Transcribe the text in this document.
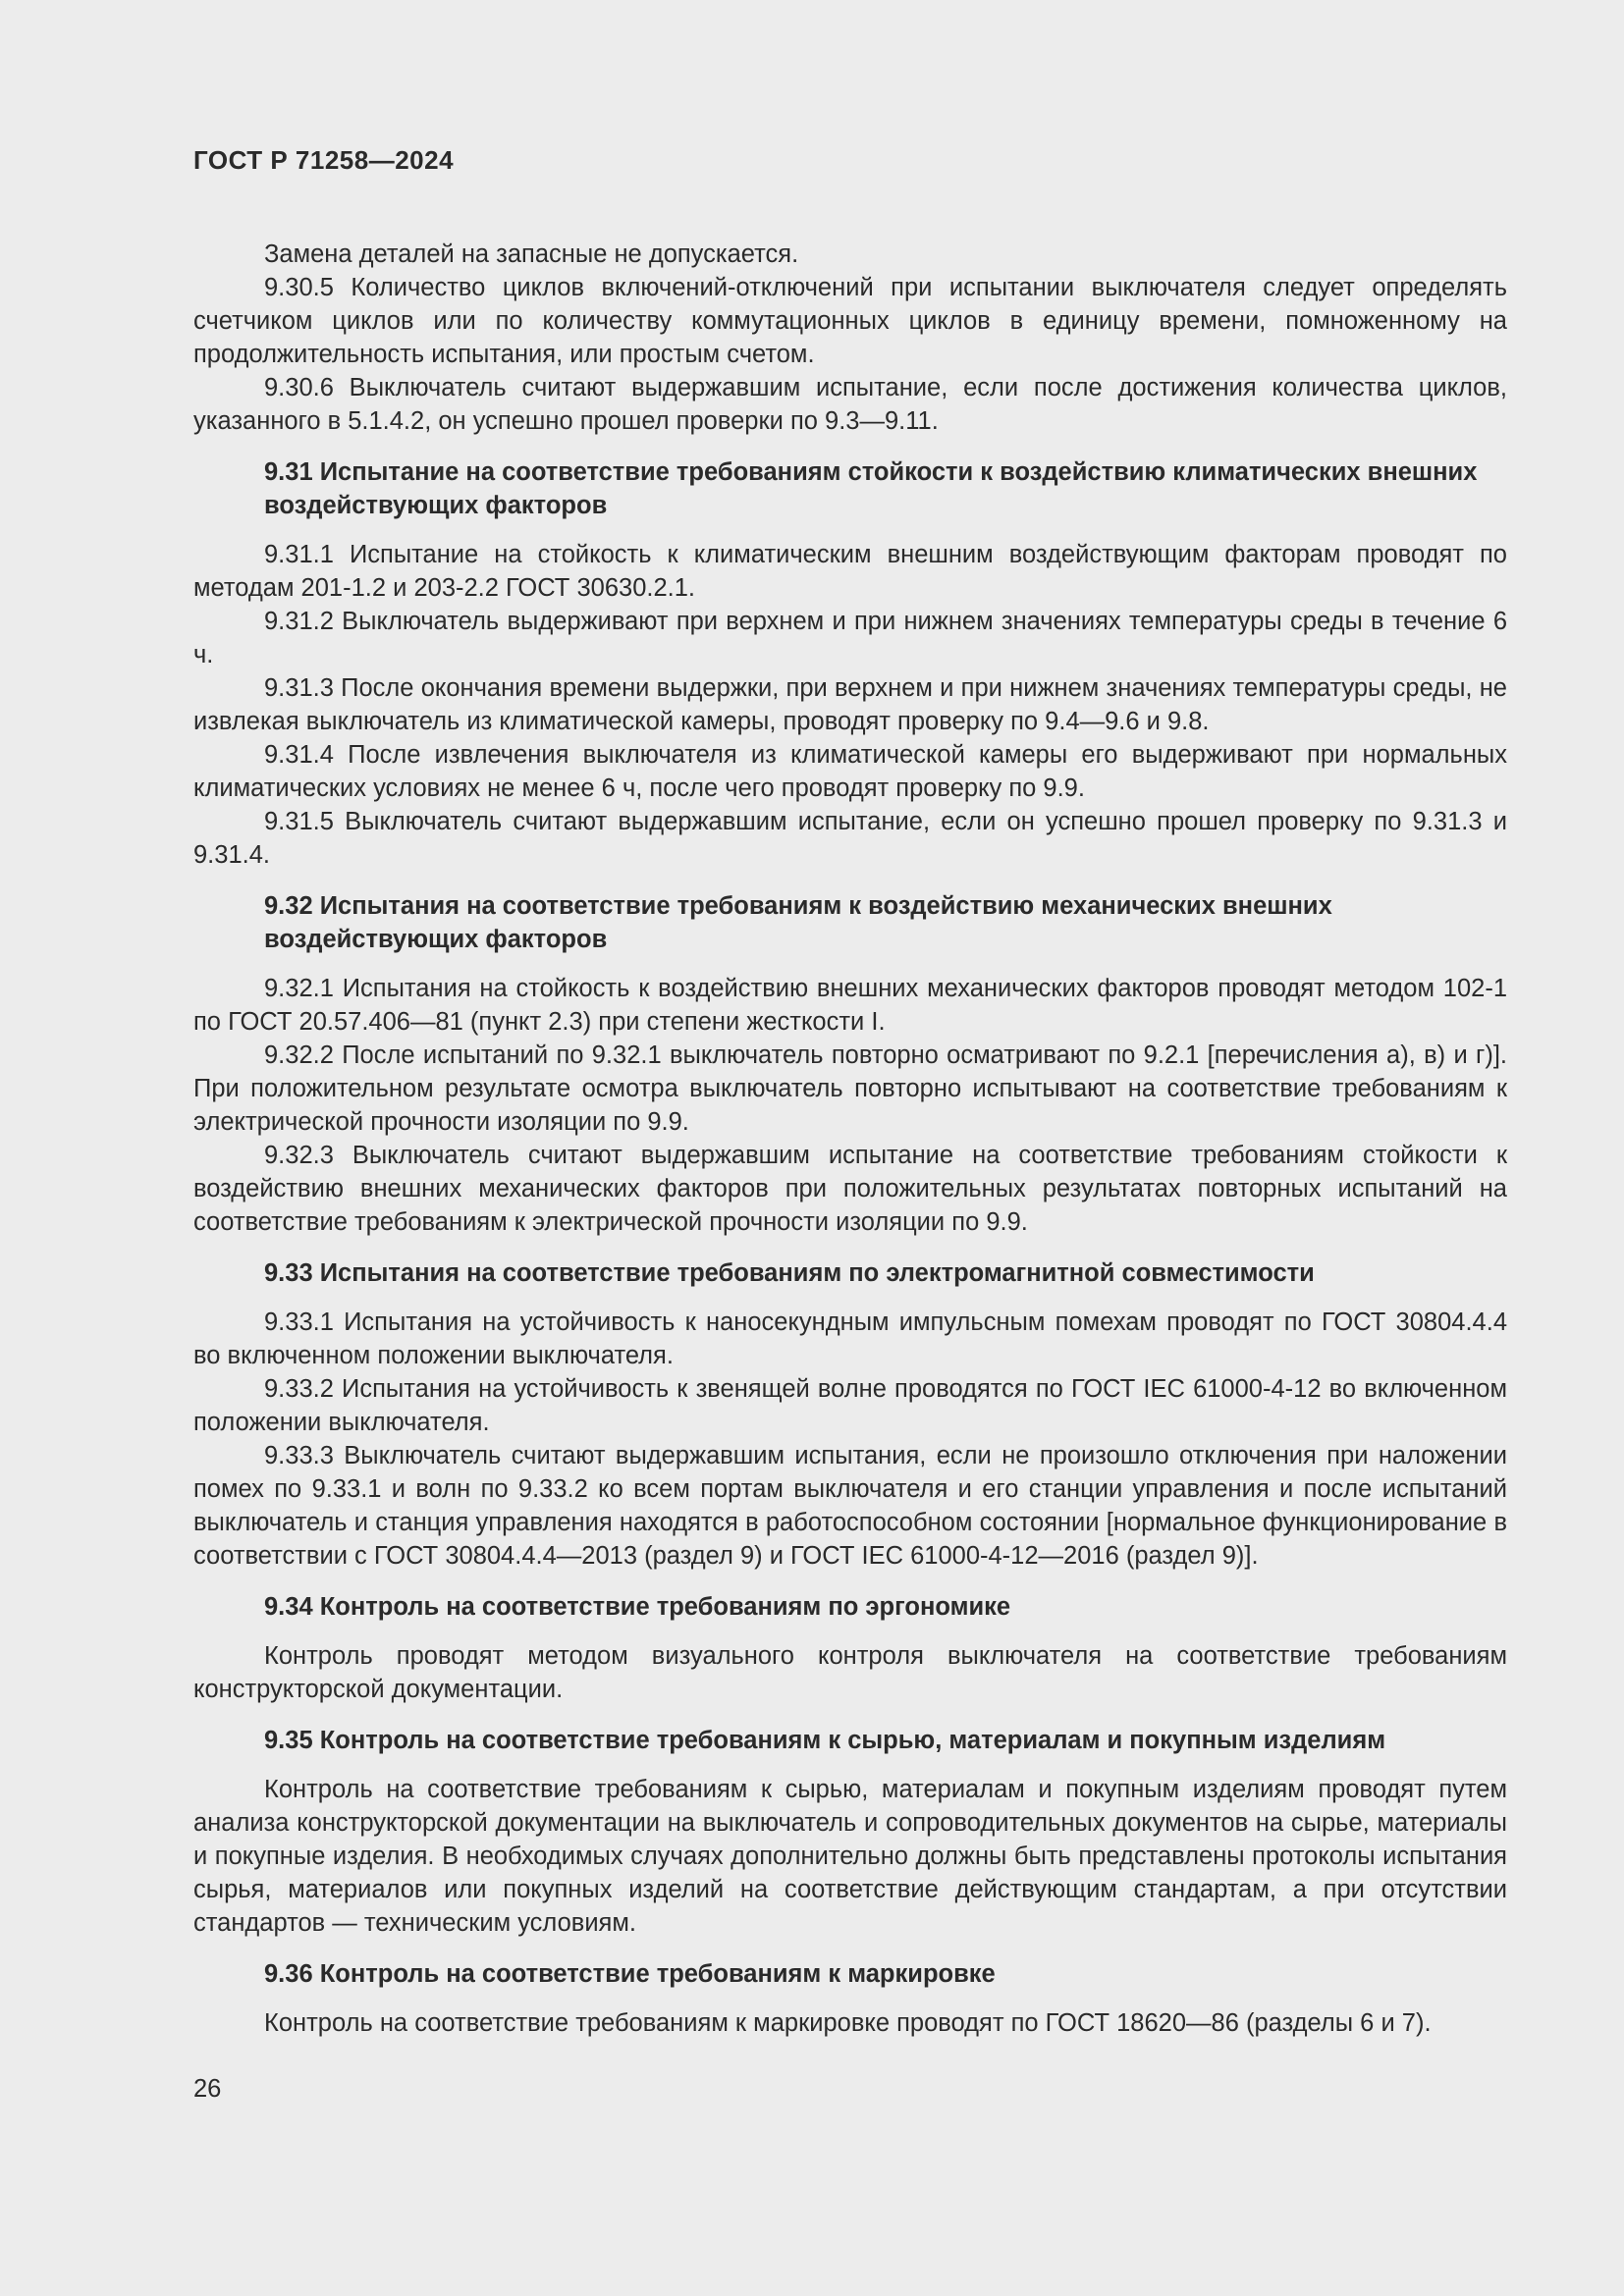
ГОСТ Р 71258—2024
Замена деталей на запасные не допускается.
9.30.5 Количество циклов включений-отключений при испытании выключателя следует определять счетчиком циклов или по количеству коммутационных циклов в единицу времени, помноженному на продолжительность испытания, или простым счетом.
9.30.6 Выключатель считают выдержавшим испытание, если после достижения количества циклов, указанного в 5.1.4.2, он успешно прошел проверки по 9.3—9.11.
9.31 Испытание на соответствие требованиям стойкости к воздействию климатических внешних воздействующих факторов
9.31.1 Испытание на стойкость к климатическим внешним воздействующим факторам проводят по методам 201-1.2 и 203-2.2 ГОСТ 30630.2.1.
9.31.2 Выключатель выдерживают при верхнем и при нижнем значениях температуры среды в течение 6 ч.
9.31.3 После окончания времени выдержки, при верхнем и при нижнем значениях температуры среды, не извлекая выключатель из климатической камеры, проводят проверку по 9.4—9.6 и 9.8.
9.31.4 После извлечения выключателя из климатической камеры его выдерживают при нормальных климатических условиях не менее 6 ч, после чего проводят проверку по 9.9.
9.31.5 Выключатель считают выдержавшим испытание, если он успешно прошел проверку по 9.31.3 и 9.31.4.
9.32 Испытания на соответствие требованиям к воздействию механических внешних воздействующих факторов
9.32.1 Испытания на стойкость к воздействию внешних механических факторов проводят методом 102-1 по ГОСТ 20.57.406—81 (пункт 2.3) при степени жесткости I.
9.32.2 После испытаний по 9.32.1 выключатель повторно осматривают по 9.2.1 [перечисления а), в) и г)]. При положительном результате осмотра выключатель повторно испытывают на соответствие требованиям к электрической прочности изоляции по 9.9.
9.32.3 Выключатель считают выдержавшим испытание на соответствие требованиям стойкости к воздействию внешних механических факторов при положительных результатах повторных испытаний на соответствие требованиям к электрической прочности изоляции по 9.9.
9.33 Испытания на соответствие требованиям по электромагнитной совместимости
9.33.1 Испытания на устойчивость к наносекундным импульсным помехам проводят по ГОСТ 30804.4.4 во включенном положении выключателя.
9.33.2 Испытания на устойчивость к звенящей волне проводятся по ГОСТ IEC 61000-4-12 во включенном положении выключателя.
9.33.3 Выключатель считают выдержавшим испытания, если не произошло отключения при наложении помех по 9.33.1 и волн по 9.33.2 ко всем портам выключателя и его станции управления и после испытаний выключатель и станция управления находятся в работоспособном состоянии [нормальное функционирование в соответствии с ГОСТ 30804.4.4—2013 (раздел 9) и ГОСТ IEC 61000-4-12—2016 (раздел 9)].
9.34 Контроль на соответствие требованиям по эргономике
Контроль проводят методом визуального контроля выключателя на соответствие требованиям конструкторской документации.
9.35 Контроль на соответствие требованиям к сырью, материалам и покупным изделиям
Контроль на соответствие требованиям к сырью, материалам и покупным изделиям проводят путем анализа конструкторской документации на выключатель и сопроводительных документов на сырье, материалы и покупные изделия. В необходимых случаях дополнительно должны быть представлены протоколы испытания сырья, материалов или покупных изделий на соответствие действующим стандартам, а при отсутствии стандартов — техническим условиям.
9.36 Контроль на соответствие требованиям к маркировке
Контроль на соответствие требованиям к маркировке проводят по ГОСТ 18620—86 (разделы 6 и 7).
26
